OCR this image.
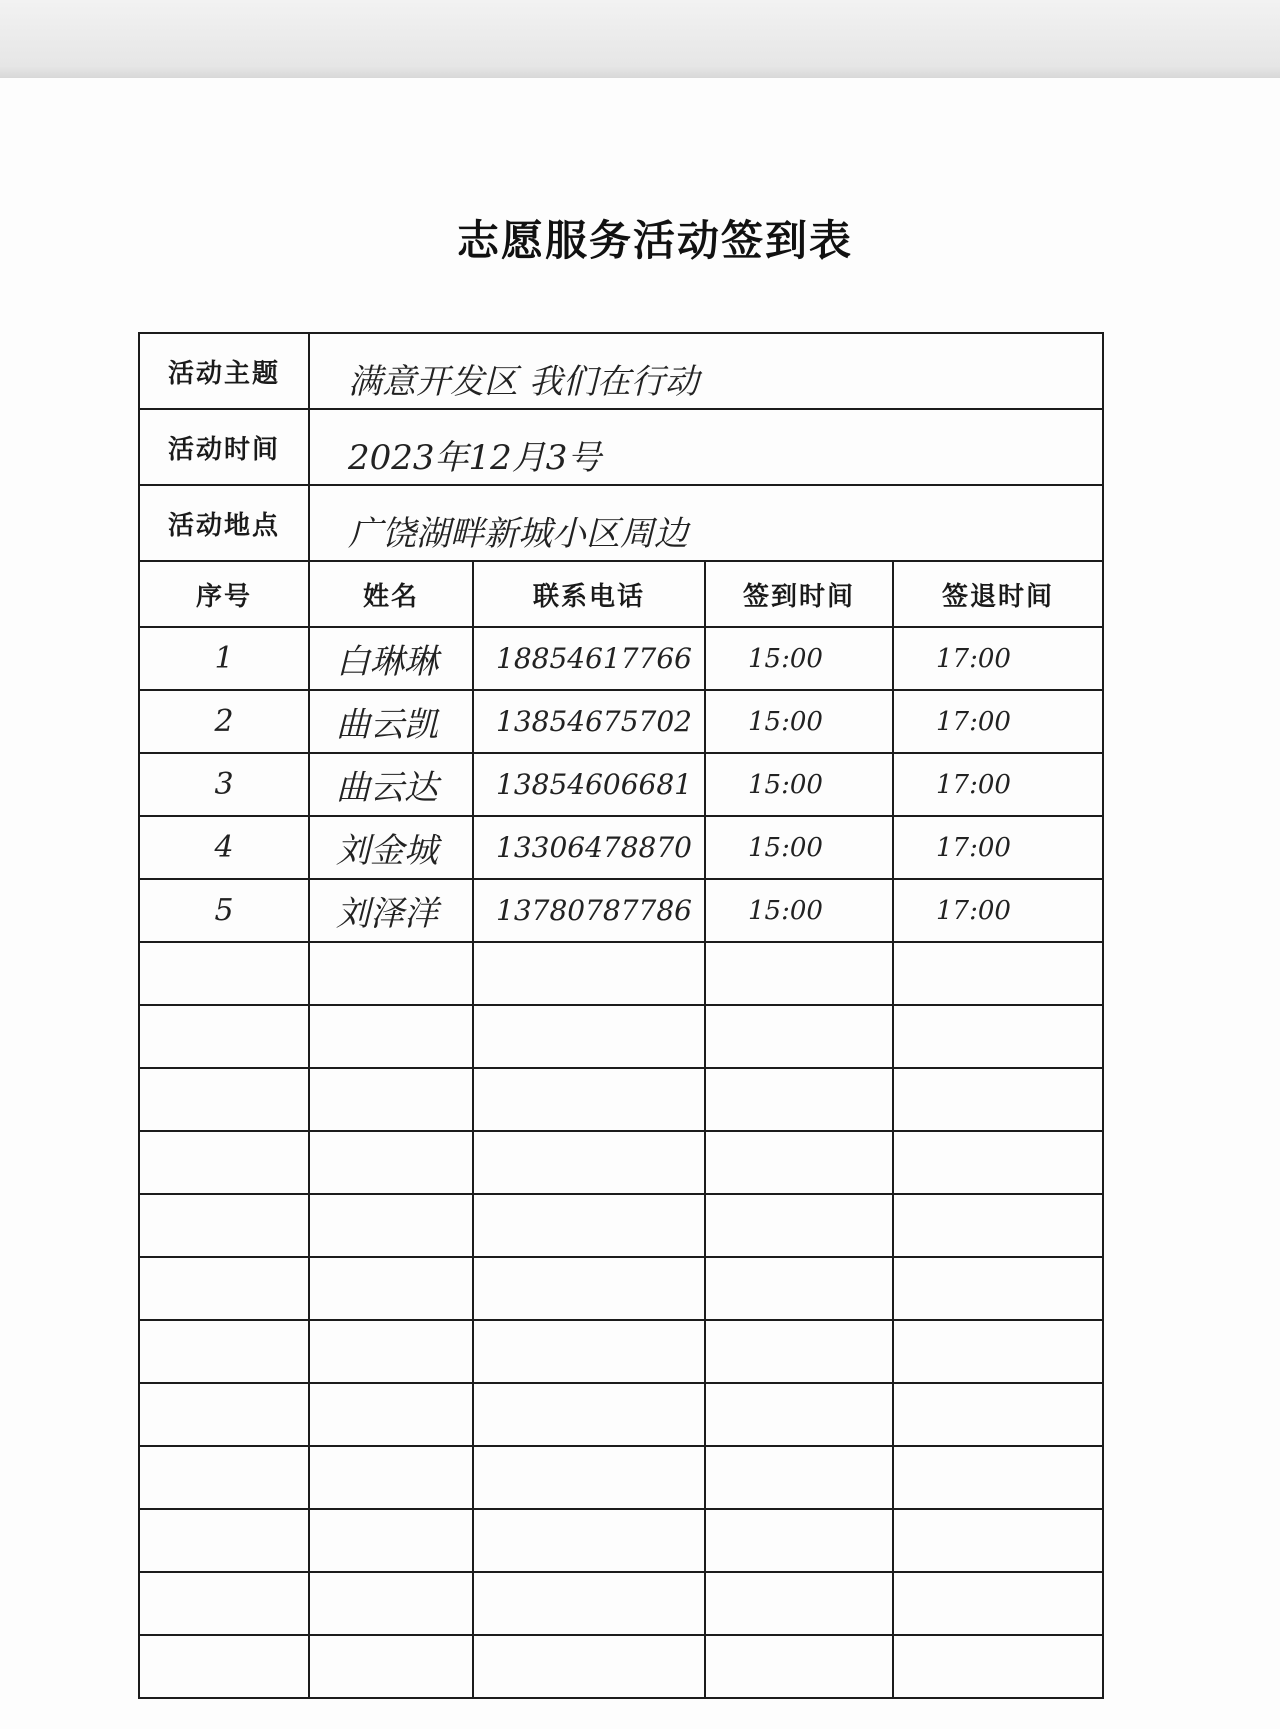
志愿服务活动签到表
活动主题	满意开发区 我们在行动			
活动时间	2023年12月3号			
活动地点	广饶湖畔新城小区周边			
序号	姓名	联系电话	签到时间	签退时间
1	白琳琳	18854617766	15:00	17:00
2	曲云凯	13854675702	15:00	17:00
3	曲云达	13854606681	15:00	17:00
4	刘金城	13306478870	15:00	17:00
5	刘泽洋	13780787786	15:00	17:00
